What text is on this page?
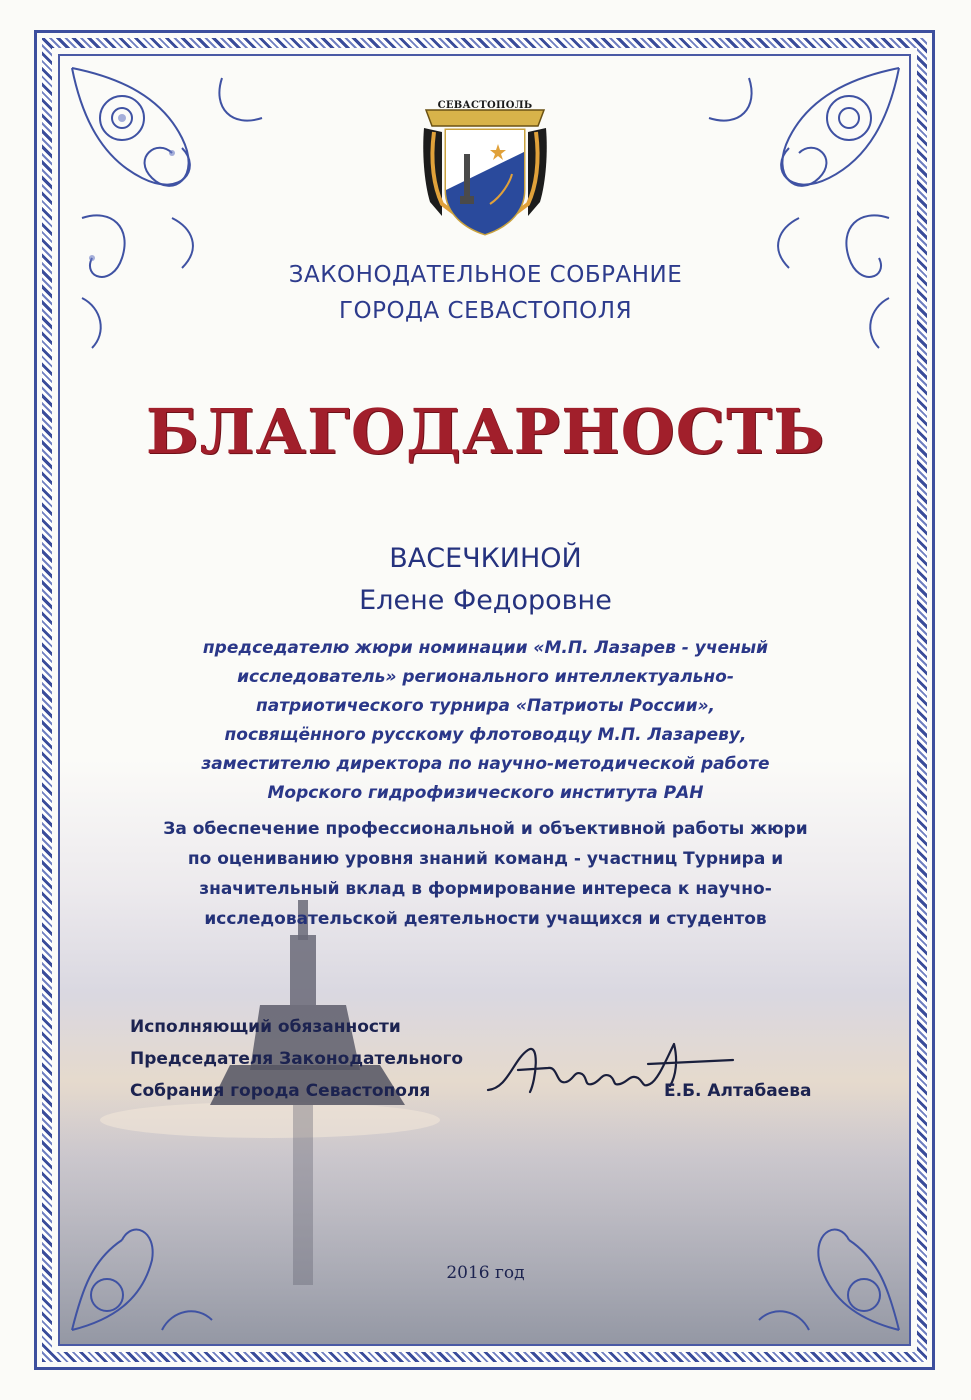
СЕВАСТОПОЛЬ
ЗАКОНОДАТЕЛЬНОЕ СОБРАНИЕ
ГОРОДА СЕВАСТОПОЛЯ
БЛАГОДАРНОСТЬ
ВАСЕЧКИНОЙ
Елене Федоровне
председателю жюри номинации «М.П. Лазарев - ученый
исследователь» регионального интеллектуально-
патриотического турнира «Патриоты России»,
посвящённого русскому флотоводцу М.П. Лазареву,
заместителю директора по научно-методической работе
Морского гидрофизического института РАН
За обеспечение профессиональной и объективной работы жюри
по оцениванию уровня знаний команд - участниц Турнира и
значительный вклад в формирование интереса к научно-
исследовательской деятельности учащихся и студентов
Исполняющий обязанности
Председателя Законодательного
Собрания города Севастополя	Е.Б. Алтабаева
2016 год
